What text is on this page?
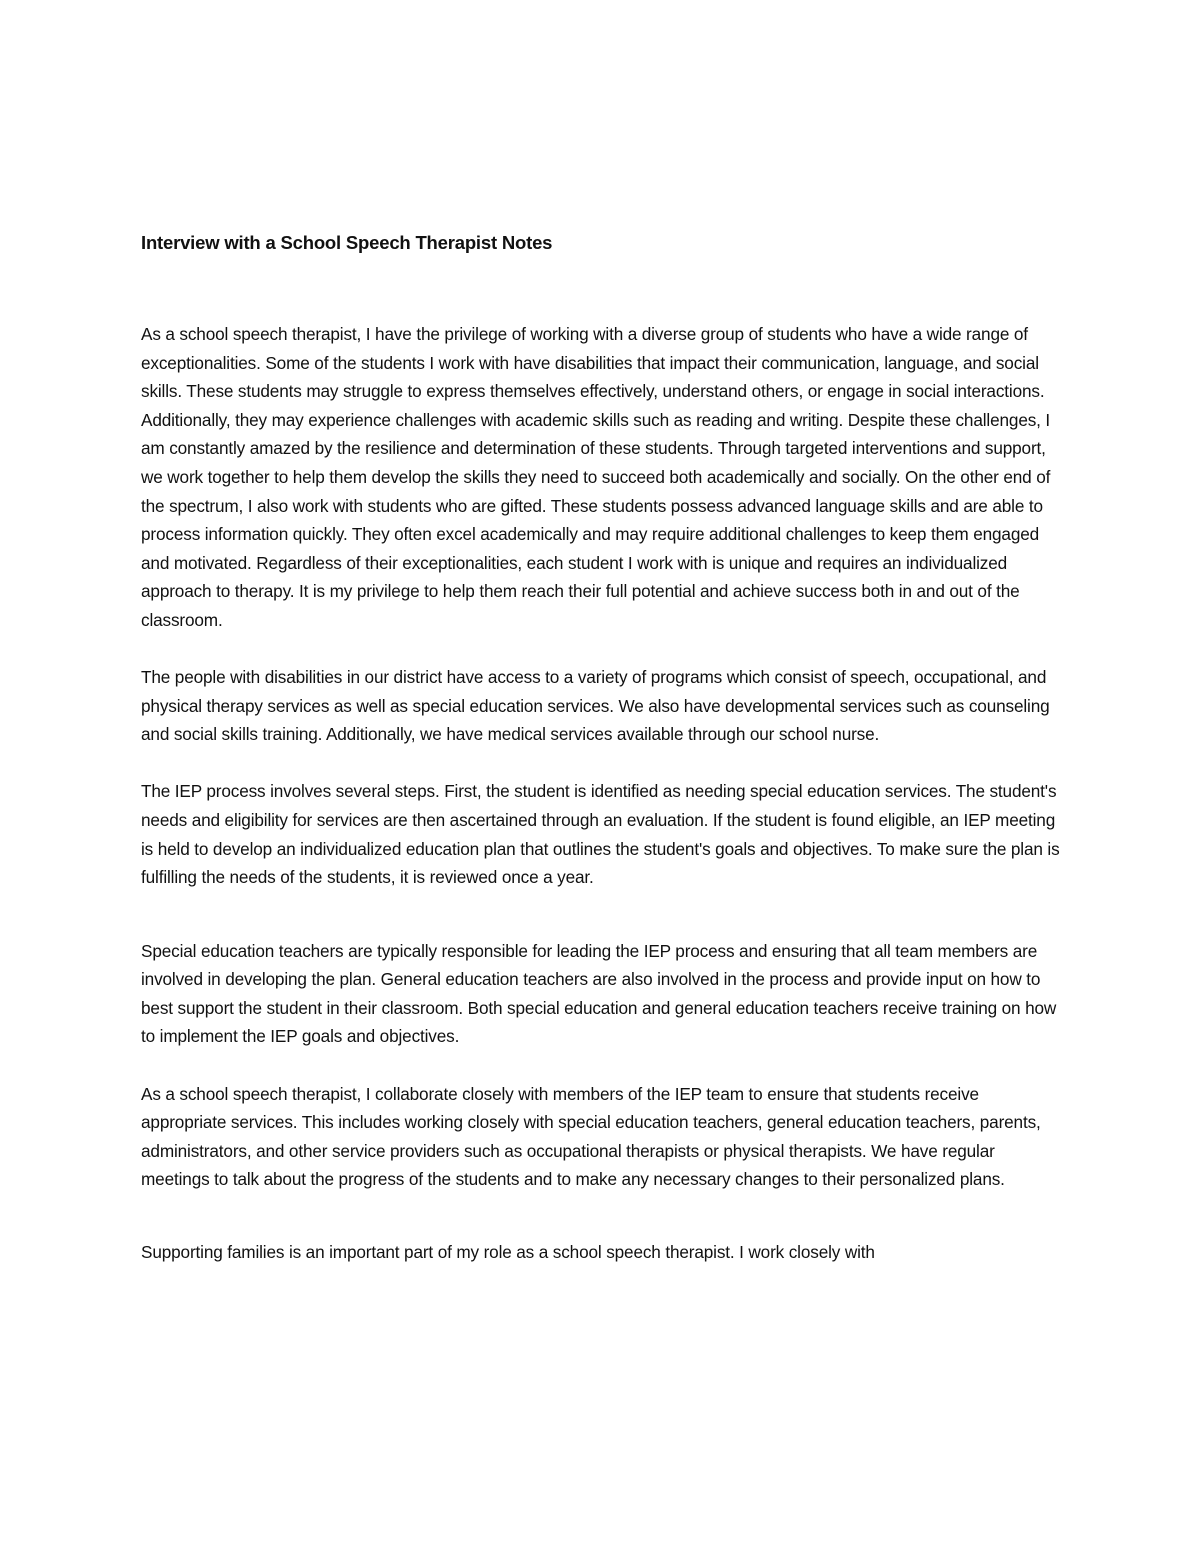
Interview with a School Speech Therapist Notes

As a school speech therapist, I have the privilege of working with a diverse group of students who have a wide range of exceptionalities. Some of the students I work with have disabilities that impact their communication, language, and social skills. These students may struggle to express themselves effectively, understand others, or engage in social interactions. Additionally, they may experience challenges with academic skills such as reading and writing. Despite these challenges, I am constantly amazed by the resilience and determination of these students. Through targeted interventions and support, we work together to help them develop the skills they need to succeed both academically and socially. On the other end of the spectrum, I also work with students who are gifted. These students possess advanced language skills and are able to process information quickly. They often excel academically and may require additional challenges to keep them engaged and motivated. Regardless of their exceptionalities, each student I work with is unique and requires an individualized approach to therapy. It is my privilege to help them reach their full potential and achieve success both in and out of the classroom.

The people with disabilities in our district have access to a variety of programs which consist of speech, occupational, and physical therapy services as well as special education services. We also have developmental services such as counseling and social skills training. Additionally, we have medical services available through our school nurse.

The IEP process involves several steps. First, the student is identified as needing special education services. The student's needs and eligibility for services are then ascertained through an evaluation. If the student is found eligible, an IEP meeting is held to develop an individualized education plan that outlines the student's goals and objectives. To make sure the plan is fulfilling the needs of the students, it is reviewed once a year.

Special education teachers are typically responsible for leading the IEP process and ensuring that all team members are involved in developing the plan. General education teachers are also involved in the process and provide input on how to best support the student in their classroom. Both special education and general education teachers receive training on how to implement the IEP goals and objectives.

As a school speech therapist, I collaborate closely with members of the IEP team to ensure that students receive appropriate services. This includes working closely with special education teachers, general education teachers, parents, administrators, and other service providers such as occupational therapists or physical therapists. We have regular meetings to talk about the progress of the students and to make any necessary changes to their personalized plans.

Supporting families is an important part of my role as a school speech therapist. I work closely with
